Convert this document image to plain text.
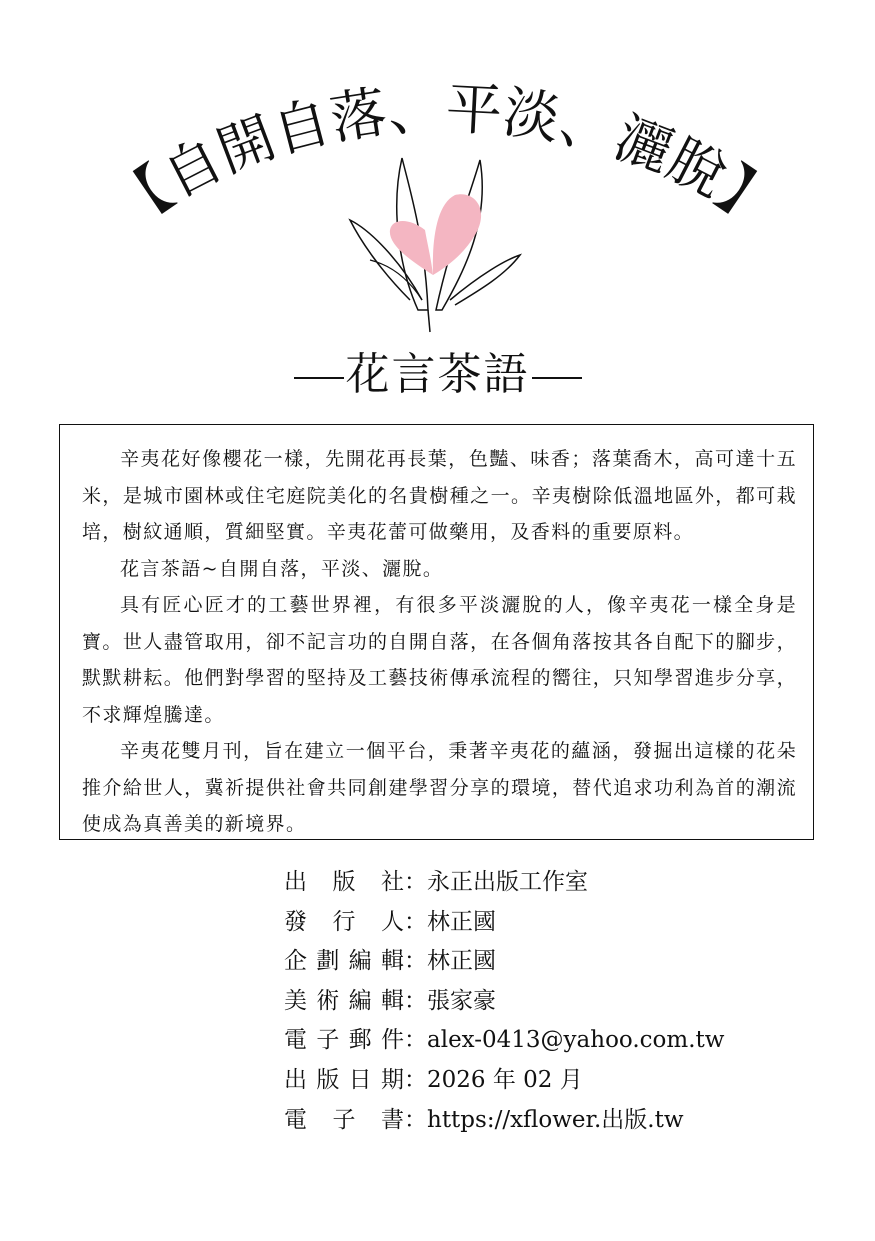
【自開自落、平淡、灑脫】
花言茶語

辛夷花好像櫻花一樣，先開花再長葉，色豔、味香；落葉喬木，高可達十五米，是城市園林或住宅庭院美化的名貴樹種之一。辛夷樹除低溫地區外，都可栽培，樹紋通順，質細堅實。辛夷花蕾可做藥用，及香料的重要原料。

花言茶語~自開自落，平淡、灑脫。

具有匠心匠才的工藝世界裡，有很多平淡灑脫的人，像辛夷花一樣全身是寶。世人盡管取用，卻不記言功的自開自落，在各個角落按其各自配下的腳步，默默耕耘。他們對學習的堅持及工藝技術傳承流程的嚮往，只知學習進步分享，不求輝煌騰達。

辛夷花雙月刊，旨在建立一個平台，秉著辛夷花的蘊涵，發掘出這樣的花朵推介給世人，冀祈提供社會共同創建學習分享的環境，替代追求功利為首的潮流使成為真善美的新境界。

出版社：永正出版工作室
發行人：林正國
企劃編輯：林正國
美術編輯：張家豪
電子郵件：alex-0413@yahoo.com.tw
出版日期：2026 年 02 月
電子書：https://xflower.出版.tw
